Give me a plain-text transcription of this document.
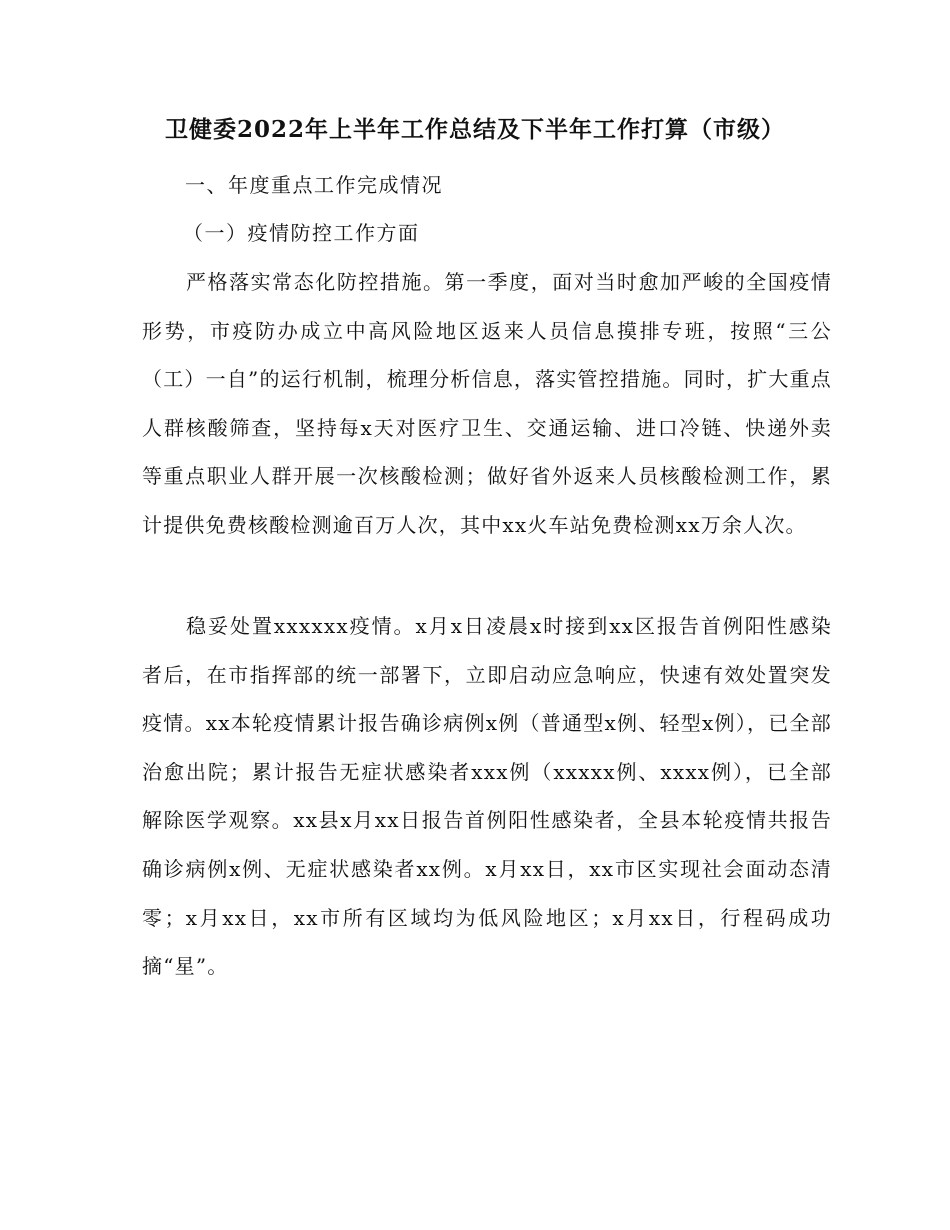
卫健委2022年上半年工作总结及下半年工作打算（市级）
一、年度重点工作完成情况
（一）疫情防控工作方面

严格落实常态化防控措施。第一季度，面对当时愈加严峻的全国疫情形势，市疫防办成立中高风险地区返来人员信息摸排专班，按照“三公（工）一自”的运行机制，梳理分析信息，落实管控措施。同时，扩大重点人群核酸筛查，坚持每x天对医疗卫生、交通运输、进口冷链、快递外卖等重点职业人群开展一次核酸检测；做好省外返来人员核酸检测工作，累计提供免费核酸检测逾百万人次，其中xx火车站免费检测xx万余人次。

稳妥处置xxxxxx疫情。x月x日凌晨x时接到xx区报告首例阳性感染者后，在市指挥部的统一部署下，立即启动应急响应，快速有效处置突发疫情。xx本轮疫情累计报告确诊病例x例（普通型x例、轻型x例），已全部治愈出院；累计报告无症状感染者xxx例（xxxxx例、xxxx例），已全部解除医学观察。xx县x月xx日报告首例阳性感染者，全县本轮疫情共报告确诊病例x例、无症状感染者xx例。x月xx日，xx市区实现社会面动态清零；x月xx日，xx市所有区域均为低风险地区；x月xx日，行程码成功摘“星”。
